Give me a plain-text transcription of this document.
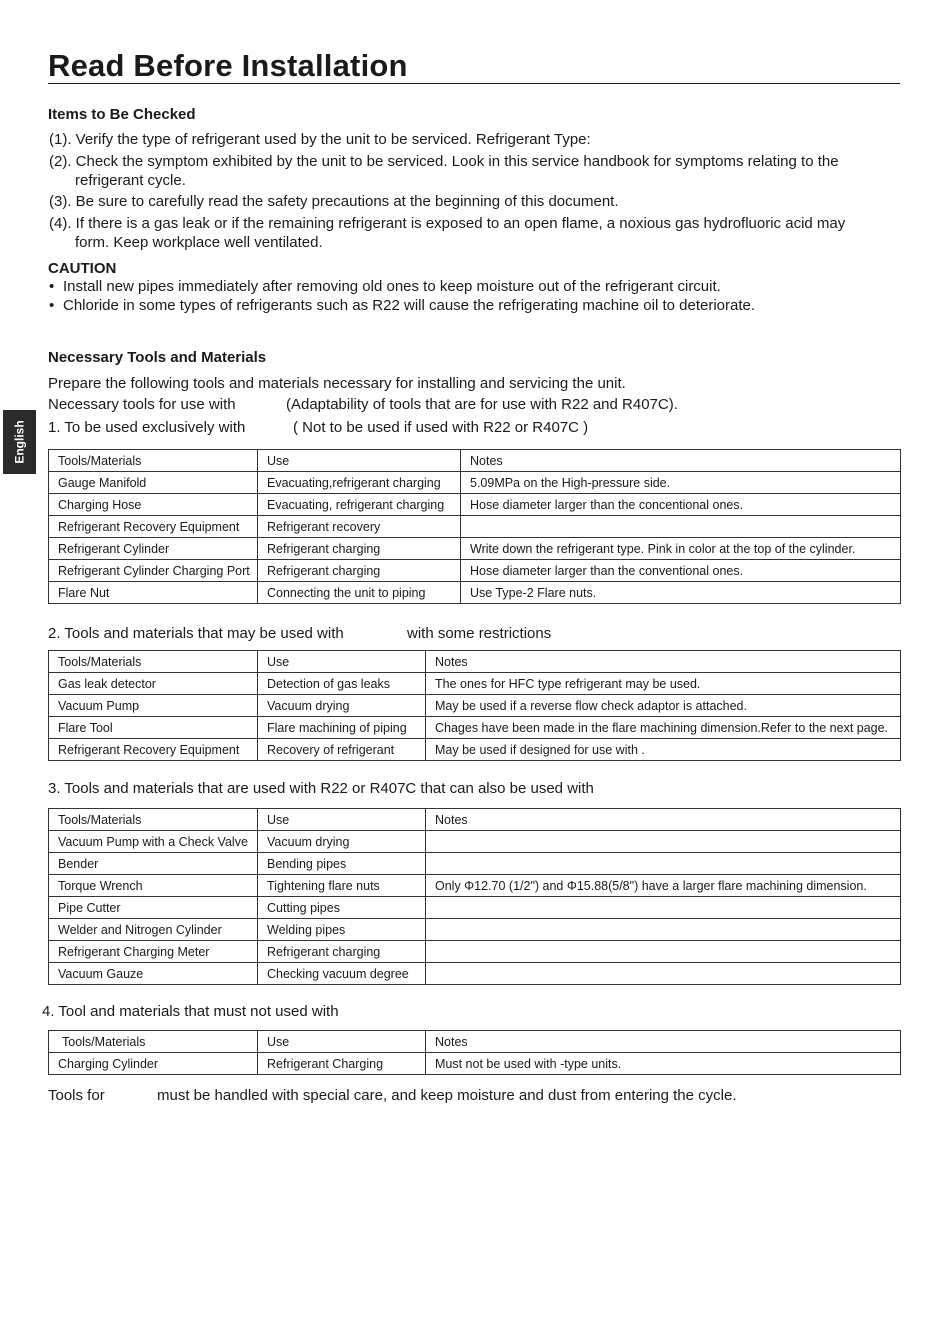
Read Before Installation
English
Items to Be Checked
(1). Verify the type of refrigerant used by the unit to be serviced. Refrigerant Type:
(2). Check the symptom exhibited by the unit to be serviced. Look in this service handbook for symptoms relating to the
refrigerant cycle.
(3). Be sure to carefully read the safety precautions at the beginning of this document.
(4). If there is a gas leak or if the remaining refrigerant is exposed to an open flame, a noxious gas hydrofluoric acid may
form. Keep workplace well ventilated.
CAUTION
• Install new pipes immediately after removing old ones to keep moisture out of the refrigerant circuit.
• Chloride in some types of refrigerants such as R22 will cause the refrigerating machine oil to deteriorate.
Necessary Tools and Materials
Prepare the following tools and materials necessary for installing and servicing the unit.
Necessary tools for use with	(Adaptability of tools that are for use with R22 and R407C).
1. To be used exclusively with	( Not to be used if used with R22 or R407C )
Tools/Materials	Use	Notes
Gauge Manifold	Evacuating,refrigerant charging	5.09MPa on the High-pressure side.
Charging Hose	Evacuating, refrigerant charging	Hose diameter larger than the concentional ones.
Refrigerant Recovery Equipment	Refrigerant recovery	
Refrigerant Cylinder	Refrigerant charging	Write down the refrigerant type. Pink in color at the top of the cylinder.
Refrigerant Cylinder Charging Port	Refrigerant charging	Hose diameter larger than the conventional ones.
Flare Nut	Connecting the unit to piping	Use Type-2 Flare nuts.
2. Tools and materials that may be used with	with some restrictions
Tools/Materials	Use	Notes
Gas leak detector	Detection of gas leaks	The ones for HFC type refrigerant may be used.
Vacuum Pump	Vacuum drying	May be used if a reverse flow check adaptor is attached.
Flare Tool	Flare machining of piping	Chages have been made in the flare machining dimension.Refer to the next page.
Refrigerant Recovery Equipment	Recovery of refrigerant	May be used if designed for use with .
3. Tools and materials that are used with R22 or R407C that can also be used with
Tools/Materials	Use	Notes
Vacuum Pump with a Check Valve	Vacuum drying	
Bender	Bending pipes	
Torque Wrench	Tightening flare nuts	Only Φ12.70 (1/2") and Φ15.88(5/8") have a larger flare machining dimension.
Pipe Cutter	Cutting pipes	
Welder and Nitrogen Cylinder	Welding pipes	
Refrigerant Charging Meter	Refrigerant charging	
Vacuum Gauze	Checking vacuum degree	
4. Tool and materials that must not used with
Tools/Materials	Use	Notes
Charging Cylinder	Refrigerant Charging	Must not be used with -type units.
Tools for	must be handled with special care, and keep moisture and dust from entering the cycle.
